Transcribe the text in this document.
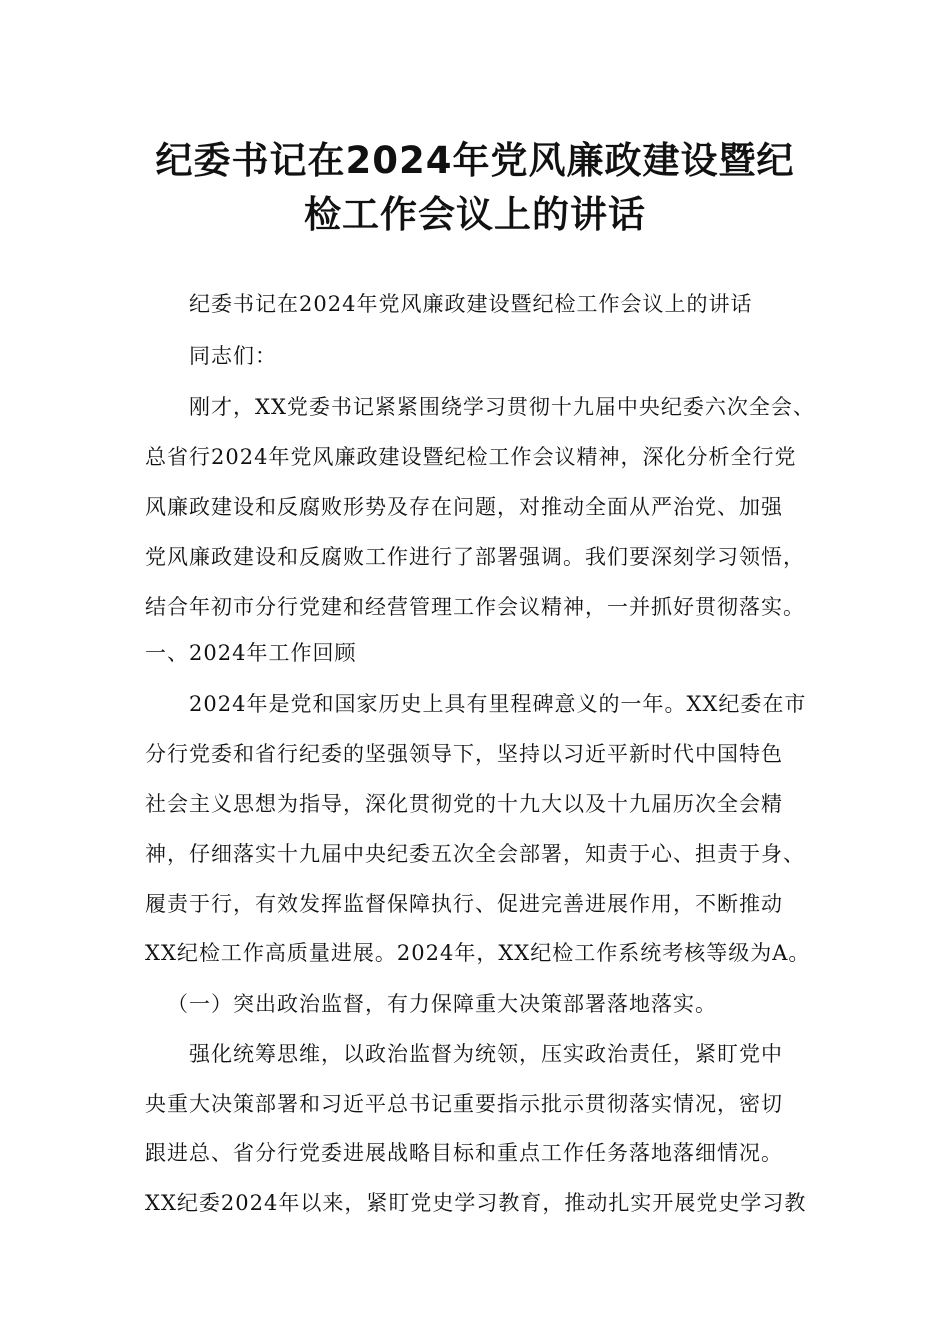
纪委书记在2024年党风廉政建设暨纪
检工作会议上的讲话
纪委书记在2024年党风廉政建设暨纪检工作会议上的讲话
同志们：
刚才，XX党委书记紧紧围绕学习贯彻十九届中央纪委六次全会、
总省行2024年党风廉政建设暨纪检工作会议精神，深化分析全行党
风廉政建设和反腐败形势及存在问题，对推动全面从严治党、加强
党风廉政建设和反腐败工作进行了部署强调。我们要深刻学习领悟，
结合年初市分行党建和经营管理工作会议精神，一并抓好贯彻落实。
一、2024年工作回顾
2024年是党和国家历史上具有里程碑意义的一年。XX纪委在市
分行党委和省行纪委的坚强领导下，坚持以习近平新时代中国特色
社会主义思想为指导，深化贯彻党的十九大以及十九届历次全会精
神，仔细落实十九届中央纪委五次全会部署，知责于心、担责于身、
履责于行，有效发挥监督保障执行、促进完善进展作用，不断推动
XX纪检工作高质量进展。2024年，XX纪检工作系统考核等级为A。
（一）突出政治监督，有力保障重大决策部署落地落实。
强化统筹思维，以政治监督为统领，压实政治责任，紧盯党中
央重大决策部署和习近平总书记重要指示批示贯彻落实情况，密切
跟进总、省分行党委进展战略目标和重点工作任务落地落细情况。
XX纪委2024年以来，紧盯党史学习教育，推动扎实开展党史学习教
